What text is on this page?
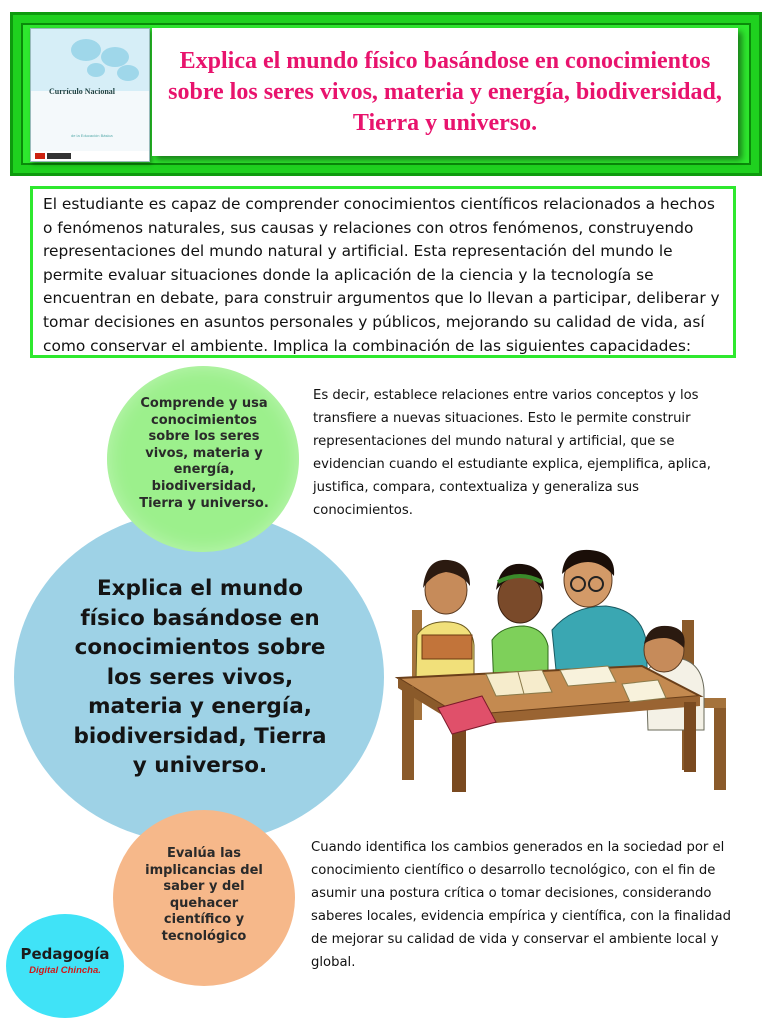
Currículo Nacional
de la Educación Básica
Explica el mundo físico basándose en conocimientos sobre los seres vivos, materia y energía, biodiversidad, Tierra y universo.
El estudiante es capaz de comprender conocimientos científicos relacionados a hechos o fenómenos naturales, sus causas y relaciones con otros fenómenos, construyendo representaciones del mundo natural y artificial. Esta representación del mundo le permite evaluar situaciones donde la aplicación de la ciencia y la tecnología se encuentran en debate, para construir argumentos que lo llevan a participar, deliberar y tomar decisiones en asuntos personales y públicos, mejorando su calidad de vida, así como conservar el ambiente. Implica la combinación de las siguientes capacidades:
Comprende y usa conocimientos sobre los seres vivos, materia y energía, biodiversidad, Tierra y universo.
Explica el mundo físico basándose en conocimientos sobre los seres vivos, materia y energía, biodiversidad, Tierra y universo.
Evalúa las implicancias del saber y del quehacer científico y tecnológico
Pedagogía
Digital Chincha.
Es decir, establece relaciones entre varios conceptos y los transfiere a nuevas situaciones. Esto le permite construir representaciones del mundo natural y artificial, que se evidencian cuando el estudiante explica, ejemplifica, aplica, justifica, compara, contextualiza y generaliza sus conocimientos.
Cuando identifica los cambios generados en la sociedad por el conocimiento científico o desarrollo tecnológico, con el fin de asumir una postura crítica o tomar decisiones, considerando saberes locales, evidencia empírica y científica, con la finalidad de mejorar su calidad de vida y conservar el ambiente local y global.
